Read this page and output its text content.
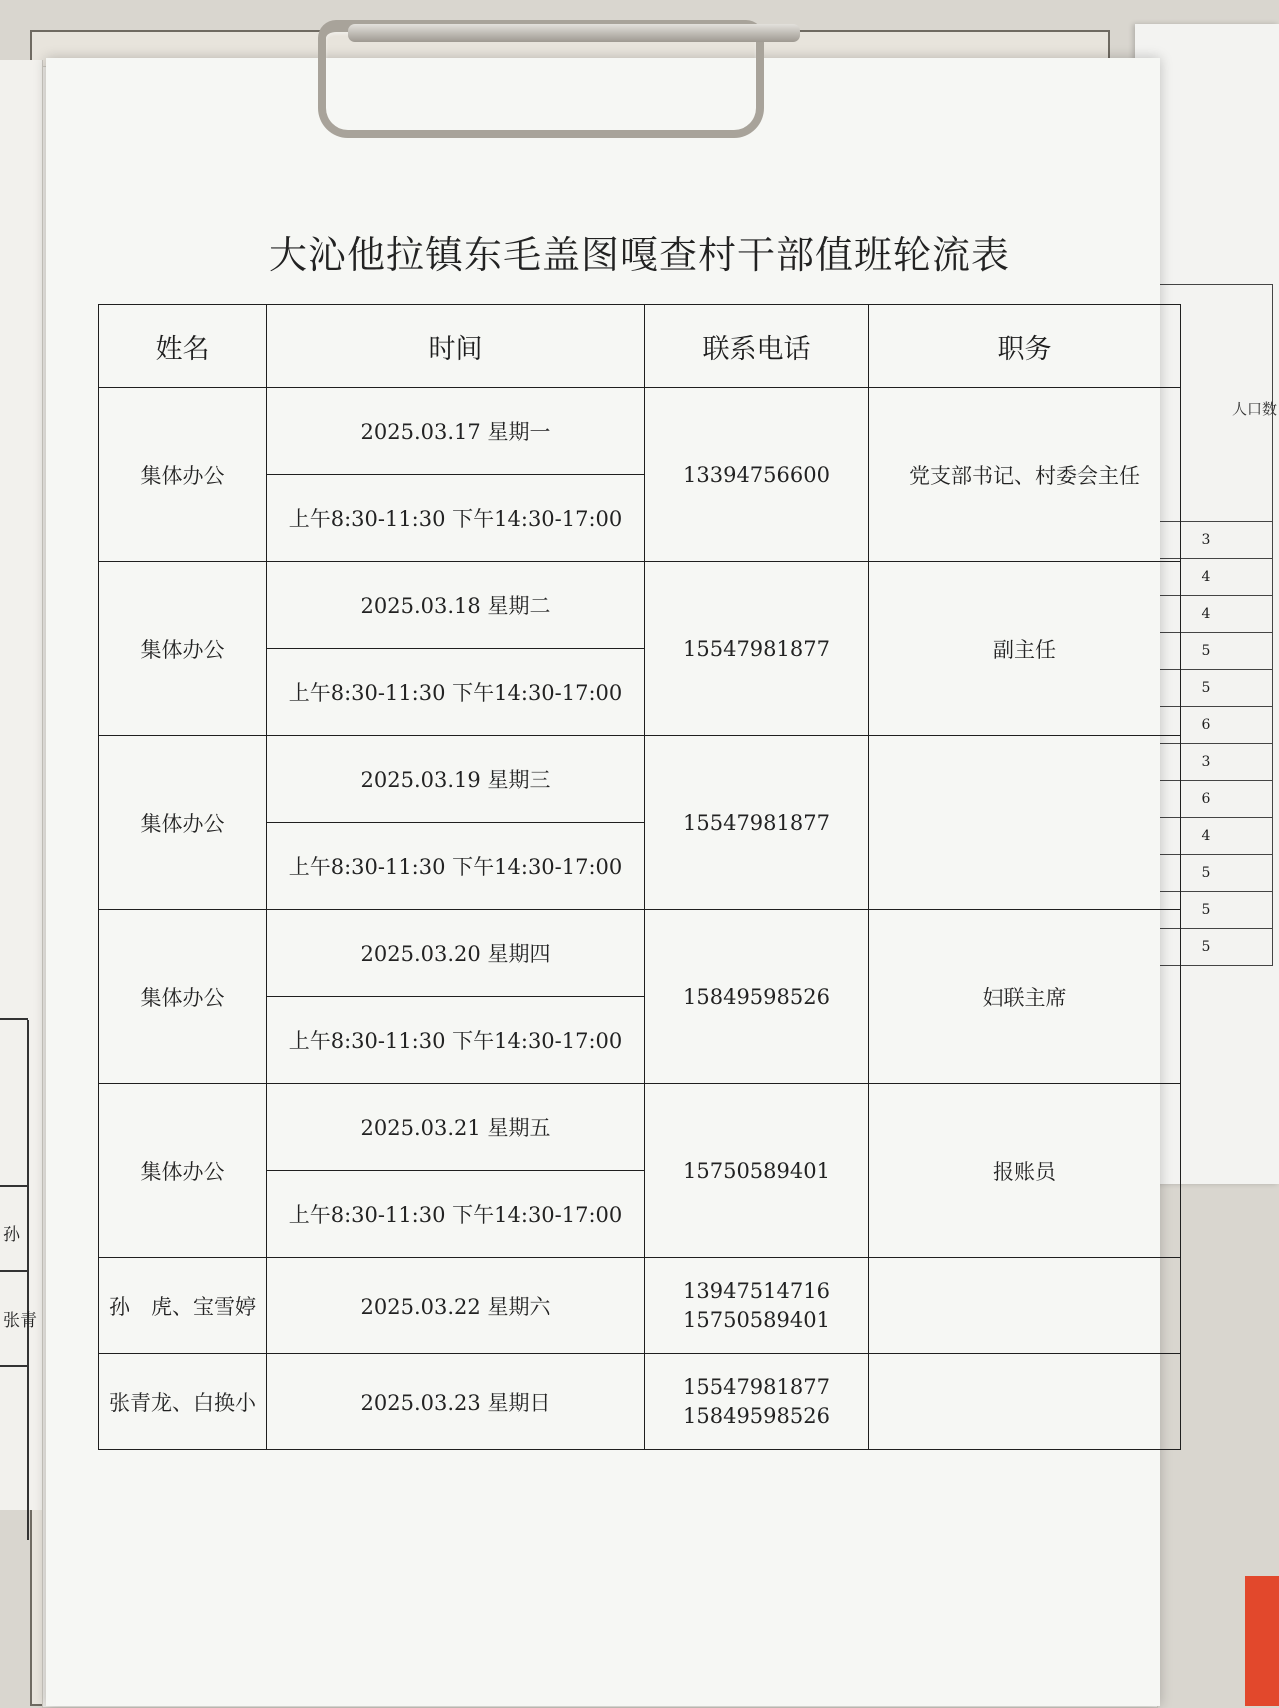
孙
张青

3
4
4
5
5
6
3
6
4
5
5
5
人口数
大沁他拉镇东毛盖图嘎查村干部值班轮流表
姓名	时间	联系电话	职务
集体办公	2025.03.17 星期一	13394756600	党支部书记、村委会主任
	上午8:30-11:30 下午14:30-17:00		
集体办公	2025.03.18 星期二	15547981877	副主任
	上午8:30-11:30 下午14:30-17:00		
集体办公	2025.03.19 星期三	15547981877	
	上午8:30-11:30 下午14:30-17:00		
集体办公	2025.03.20 星期四	15849598526	妇联主席
	上午8:30-11:30 下午14:30-17:00		
集体办公	2025.03.21 星期五	15750589401	报账员
	上午8:30-11:30 下午14:30-17:00		
孙　虎、宝雪婷	2025.03.22 星期六	13947514716
15750589401	

张青龙、白换小	2025.03.23 星期日	15547981877
15849598526	
